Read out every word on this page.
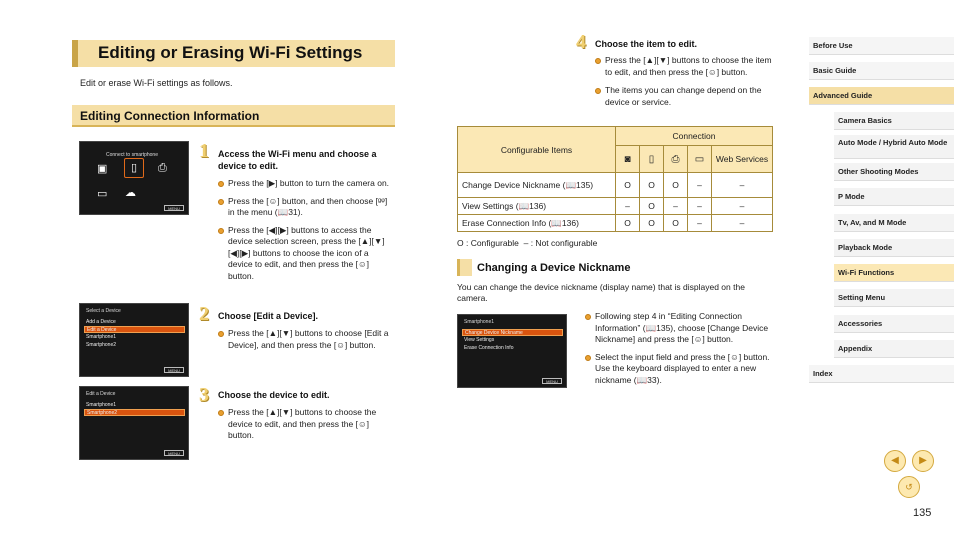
Editing or Erasing Wi-Fi Settings
Edit or erase Wi-Fi settings as follows.
Editing Connection Information
Connect to smartphone
▣	▯	⎙
▭ ☁
MENU
1 Access the Wi-Fi menu and choose a device to edit.
Press the [▶] button to turn the camera on.
Press the [☺] button, and then choose [ᵍᵠ] in the menu (📖31).
Press the [◀][▶] buttons to access the device selection screen, press the [▲][▼][◀][▶] buttons to choose the icon of a device to edit, and then press the [☺] button.
Select a Device
Add a Device
Edit a Device
Smartphone1
Smartphone2
MENU
2 Choose [Edit a Device].
Press the [▲][▼] buttons to choose [Edit a Device], and then press the [☺] button.
Edit a Device
Smartphone1
Smartphone2
MENU
3 Choose the device to edit.
Press the [▲][▼] buttons to choose the device to edit, and then press the [☺] button.
4 Choose the item to edit.
Press the [▲][▼] buttons to choose the item to edit, and then press the [☺] button.
The items you can change depend on the device or service.
Configurable Items	Connection				
	◙	▯	⎙	▭	Web Services
Change Device Nickname (📖135)	O	O	O	–	–
View Settings (📖136)	–	O	–	–	–
Erase Connection Info (📖136)	O	O	O	–	–
O : Configurable  – : Not configurable
Changing a Device Nickname
You can change the device nickname (display name) that is displayed on the camera.
Smartphone1
Change Device Nickname
View Settings
Erase Connection Info
MENU
Following step 4 in “Editing Connection Information” (📖135), choose [Change Device Nickname] and press the [☺] button.
Select the input field and press the [☺] button. Use the keyboard displayed to enter a new nickname (📖33).
Before Use
Basic Guide
Advanced Guide
Camera Basics
Auto Mode / Hybrid Auto Mode
Other Shooting Modes
P Mode
Tv, Av, and M Mode
Playback Mode
Wi-Fi Functions
Setting Menu
Accessories
Appendix
Index
◀	▶
↺
135
